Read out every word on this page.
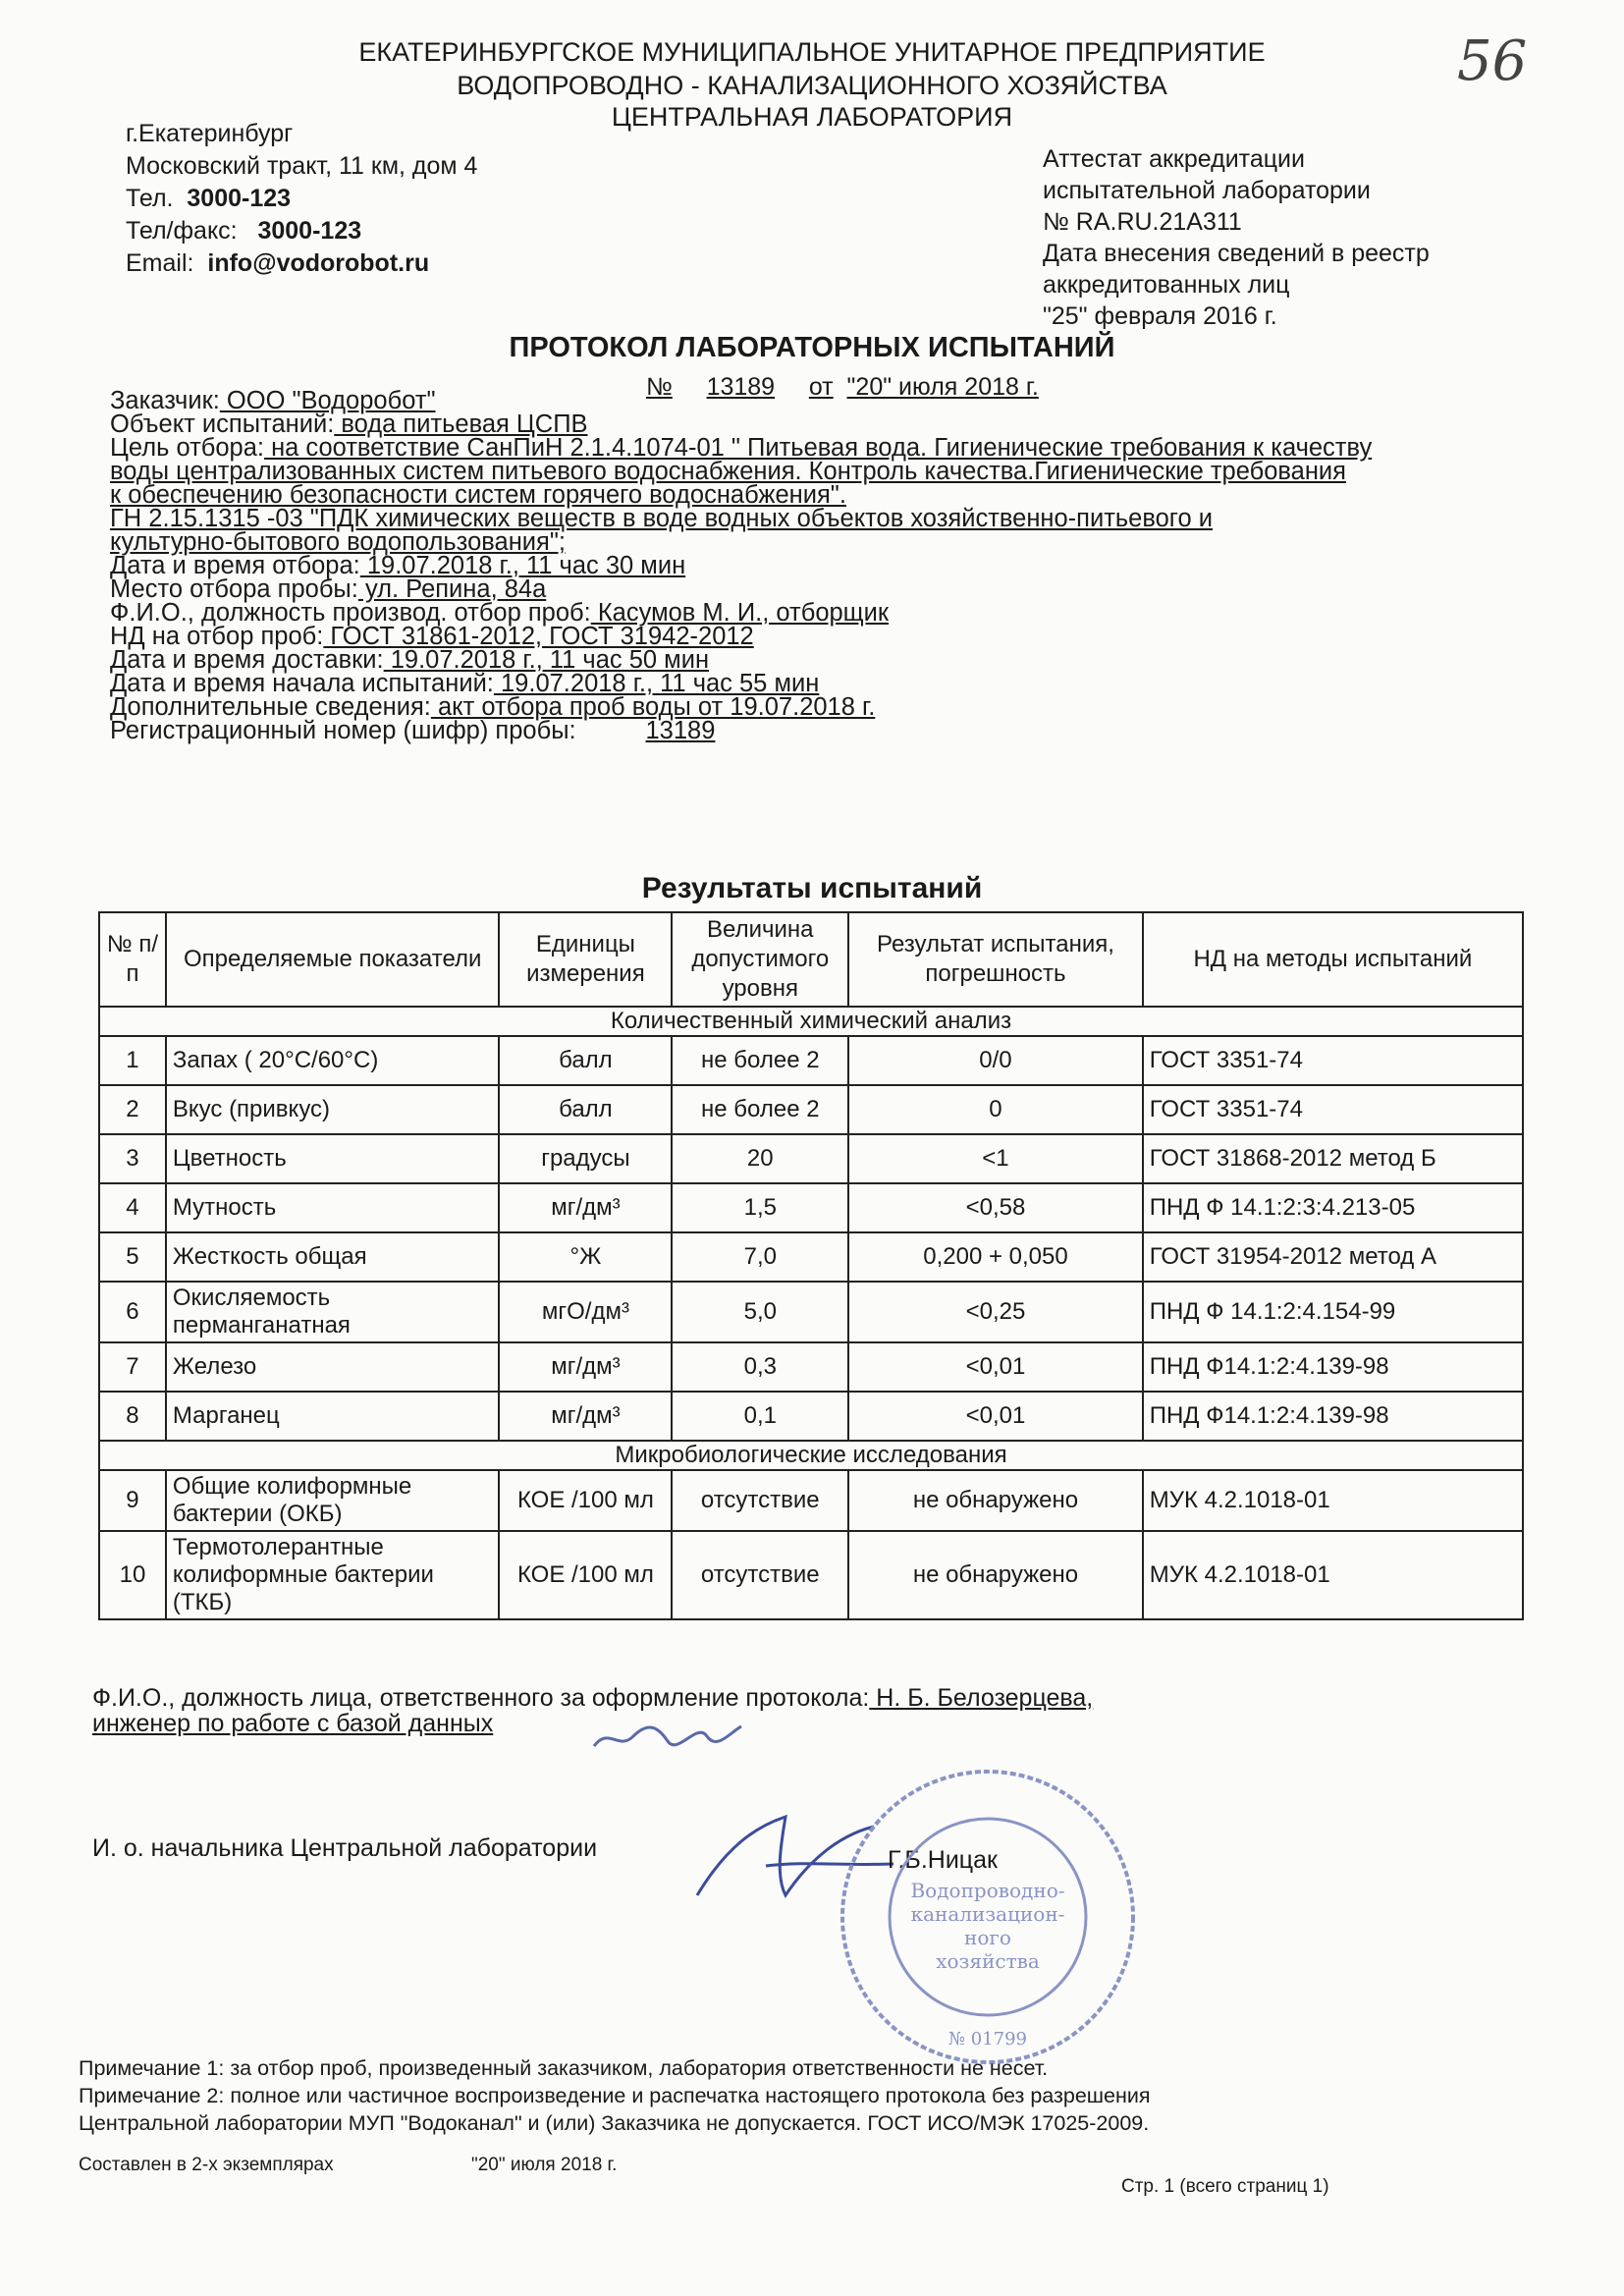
ЕКАТЕРИНБУРГСКОЕ МУНИЦИПАЛЬНОЕ УНИТАРНОЕ ПРЕДПРИЯТИЕ
ВОДОПРОВОДНО - КАНАЛИЗАЦИОННОГО ХОЗЯЙСТВА
ЦЕНТРАЛЬНАЯ ЛАБОРАТОРИЯ
56
г.Екатеринбург
Московский тракт, 11 км, дом 4
Тел. 3000-123
Тел/факс: 3000-123
Email: info@vodorobot.ru
Аттестат аккредитации
испытательной лаборатории
№ RA.RU.21A311
Дата внесения сведений в реестр
аккредитованных лиц
"25" февраля 2016 г.
ПРОТОКОЛ ЛАБОРАТОРНЫХ ИСПЫТАНИЙ
№ 13189 от "20" июля 2018 г.
Заказчик: ООО "Водоробот"
Объект испытаний: вода питьевая ЦСПВ
Цель отбора: на соответствие СанПиН 2.1.4.1074-01 " Питьевая вода. Гигиенические требования к качеству
воды централизованных систем питьевого водоснабжения. Контроль качества.Гигиенические требования
к обеспечению безопасности систем горячего водоснабжения".
ГН 2.15.1315 -03 "ПДК химических веществ в воде водных объектов хозяйственно-питьевого и
культурно-бытового водопользования";
Дата и время отбора: 19.07.2018 г., 11 час 30 мин
Место отбора пробы: ул. Репина, 84а
Ф.И.О., должность производ. отбор проб: Касумов М. И., отборщик
НД на отбор проб: ГОСТ 31861-2012, ГОСТ 31942-2012
Дата и время доставки: 19.07.2018 г., 11 час 50 мин
Дата и время начала испытаний: 19.07.2018 г., 11 час 55 мин
Дополнительные сведения: акт отбора проб воды от 19.07.2018 г.
Регистрационный номер (шифр) пробы:	13189
Результаты испытаний
№ п/п	Определяемые показатели	Единицы измерения	Величина допустимого уровня	Результат испытания, погрешность	НД на методы испытаний
Количественный химический анализ					
1	Запах ( 20°С/60°С)	балл	не более 2	0/0	ГОСТ 3351-74
2	Вкус (привкус)	балл	не более 2	0	ГОСТ 3351-74
3	Цветность	градусы	20	<1	ГОСТ 31868-2012 метод Б
4	Мутность	мг/дм³	1,5	<0,58	ПНД Ф 14.1:2:3:4.213-05
5	Жесткость общая	°Ж	7,0	0,200 + 0,050	ГОСТ 31954-2012 метод А
6	Окисляемость перманганатная	мгО/дм³	5,0	<0,25	ПНД Ф 14.1:2:4.154-99
7	Железо	мг/дм³	0,3	<0,01	ПНД Ф14.1:2:4.139-98
8	Марганец	мг/дм³	0,1	<0,01	ПНД Ф14.1:2:4.139-98
Микробиологические исследования					
9	Общие колиформные бактерии (ОКБ)	КОЕ /100 мл	отсутствие	не обнаружено	МУК 4.2.1018-01
10	Термотолерантные колиформные бактерии (ТКБ)	КОЕ /100 мл	отсутствие	не обнаружено	МУК 4.2.1018-01
Ф.И.О., должность лица, ответственного за оформление протокола: Н. Б. Белозерцева,
инженер по работе с базой данных
И. о. начальника Центральной лаборатории	Г.Б.Ницак
Водопроводно-
канализацион-
ного
хозяйства
№ 01799
Примечание 1: за отбор проб, произведенный заказчиком, лаборатория ответственности не несет.
Примечание 2: полное или частичное воспроизведение и распечатка настоящего протокола без разрешения
Центральной лаборатории МУП "Водоканал" и (или) Заказчика не допускается. ГОСТ ИСО/МЭК 17025-2009.
Составлен в 2-х экземплярах	"20" июля 2018 г.
Стр. 1 (всего страниц 1)
